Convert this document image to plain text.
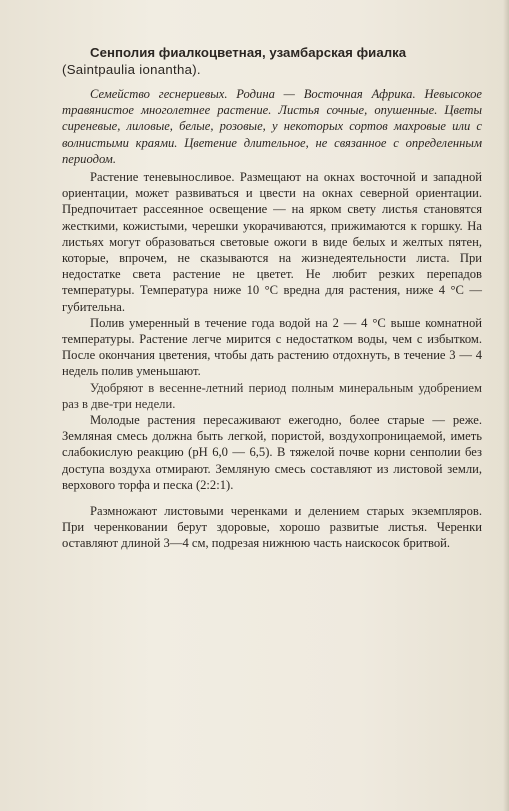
Сенполия фиалкоцветная, узамбарская фиалка
(Saintpaulia ionantha).

Семейство геснериевых. Родина — Восточная Африка. Невысокое травянистое многолетнее растение. Листья сочные, опушенные. Цветы сиреневые, лиловые, белые, розовые, у некоторых сортов махровые или с волнистыми краями. Цветение длительное, не связанное с определенным периодом.

Растение теневыносливое. Размещают на окнах восточной и западной ориентации, может развиваться и цвести на окнах северной ориентации. Предпочитает рассеянное освещение — на ярком свету листья становятся жесткими, кожистыми, черешки укорачиваются, прижимаются к горшку. На листьях могут образоваться световые ожоги в виде белых и желтых пятен, которые, впрочем, не сказываются на жизнедеятельности листа. При недостатке света растение не цветет. Не любит резких перепадов температуры. Температура ниже 10 °С вредна для растения, ниже 4 °С — губительна.

Полив умеренный в течение года водой на 2 — 4 °С выше комнатной температуры. Растение легче мирится с недостатком воды, чем с избытком. После окончания цветения, чтобы дать растению отдохнуть, в течение 3 — 4 недель полив уменьшают.

Удобряют в весенне-летний период полным минеральным удобрением раз в две-три недели.

Молодые растения пересаживают ежегодно, более старые — реже. Земляная смесь должна быть легкой, пористой, воздухопроницаемой, иметь слабокислую реакцию (рН 6,0 — 6,5). В тяжелой почве корни сенполии без доступа воздуха отмирают. Земляную смесь составляют из листовой земли, верхового торфа и песка (2:2:1).

Размножают листовыми черенками и делением старых экземпляров. При черенковании берут здоровые, хорошо развитые листья. Черенки оставляют длиной 3—4 см, подрезая нижнюю часть наискосок бритвой.
